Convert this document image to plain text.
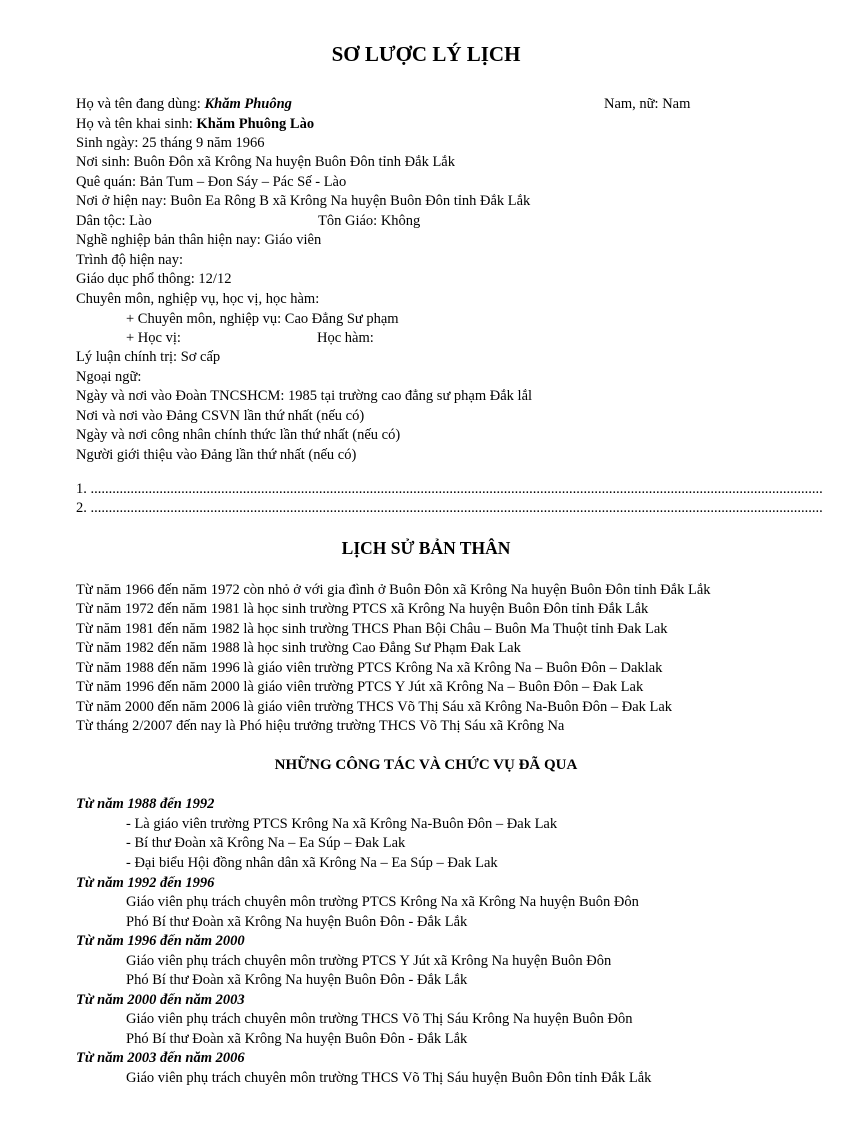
SƠ LƯỢC LÝ LỊCH
Họ và tên đang dùng: Khăm Phuông	Nam, nữ: Nam
Họ và tên khai sinh: Khăm Phuông Lào
Sinh ngày: 25 tháng 9 năm 1966
Nơi sinh: Buôn Đôn xã Krông Na huyện Buôn Đôn tỉnh Đắk Lắk
Quê quán: Bản Tum – Đon Sáy – Pác Sế - Lào
Nơi ở hiện nay: Buôn Ea Rông B xã Krông Na huyện Buôn Đôn tỉnh Đắk Lắk
Dân tộc: Lào	Tôn Giáo: Không
Nghề nghiệp bản thân hiện nay: Giáo viên
Trình độ hiện nay:
Giáo dục phổ thông: 12/12
Chuyên môn, nghiệp vụ, học vị, học hàm:
+ Chuyên môn, nghiệp vụ: Cao Đẳng Sư phạm
+ Học vị:	Học hàm:
Lý luận chính trị: Sơ cấp
Ngoại ngữ:
Ngày và nơi vào Đoàn TNCSHCM: 1985 tại trường cao đẳng sư phạm Đắk lắl
Nơi và nơi vào Đảng CSVN lần thứ nhất (nếu có)
Ngày và nơi công nhân chính thức lần thứ nhất (nếu có)
Người giới thiệu vào Đảng lần thứ nhất (nếu có)
1. ..........................................................................................................................................................................................................
2. ..........................................................................................................................................................................................................
LỊCH SỬ BẢN THÂN
Từ năm 1966 đến năm 1972 còn nhỏ ở với gia đình ở Buôn Đôn xã Krông Na huyện Buôn Đôn tỉnh Đắk Lắk
Từ năm 1972 đến năm 1981 là học sinh trường PTCS xã Krông Na huyện Buôn Đôn tỉnh Đắk Lắk
Từ năm 1981 đến năm 1982 là học sinh trường THCS Phan Bội Châu – Buôn Ma Thuột tỉnh Đak Lak
Từ năm 1982 đến năm 1988 là học sinh trường Cao Đẳng Sư Phạm Đak Lak
Từ năm 1988 đến năm 1996 là giáo viên trường PTCS Krông Na xã Krông Na – Buôn Đôn – Daklak
Từ năm 1996 đến năm 2000 là giáo viên trường PTCS Y Jút xã Krông Na – Buôn Đôn – Đak Lak
Từ năm 2000 đến năm 2006 là giáo viên trường THCS Võ Thị Sáu xã Krông Na-Buôn Đôn – Đak Lak
Từ tháng 2/2007 đến nay là Phó hiệu trưởng trường THCS Võ Thị Sáu xã Krông Na
NHỮNG CÔNG TÁC VÀ CHỨC VỤ ĐÃ QUA
Từ năm 1988 đến 1992
- Là giáo viên trường PTCS Krông Na xã Krông Na-Buôn Đôn – Đak Lak
- Bí thư Đoàn xã Krông Na – Ea Súp – Đak Lak
- Đại biểu Hội đồng nhân dân xã Krông Na – Ea Súp – Đak Lak
Từ năm 1992 đến 1996
Giáo viên phụ trách chuyên môn trường PTCS Krông Na xã Krông Na huyện Buôn Đôn
Phó Bí thư Đoàn xã Krông Na huyện Buôn Đôn - Đắk Lắk
Từ năm 1996 đến năm 2000
Giáo viên phụ trách chuyên môn trường PTCS Y Jút xã Krông Na huyện Buôn Đôn
Phó Bí thư Đoàn xã Krông Na huyện Buôn Đôn - Đắk Lắk
Từ năm 2000 đến năm 2003
Giáo viên phụ trách chuyên môn trường THCS Võ Thị Sáu Krông Na huyện Buôn Đôn
Phó Bí thư Đoàn xã Krông Na huyện Buôn Đôn - Đắk Lắk
Từ năm 2003 đến năm 2006
Giáo viên phụ trách chuyên môn trường THCS Võ Thị Sáu huyện Buôn Đôn tỉnh Đắk Lắk
